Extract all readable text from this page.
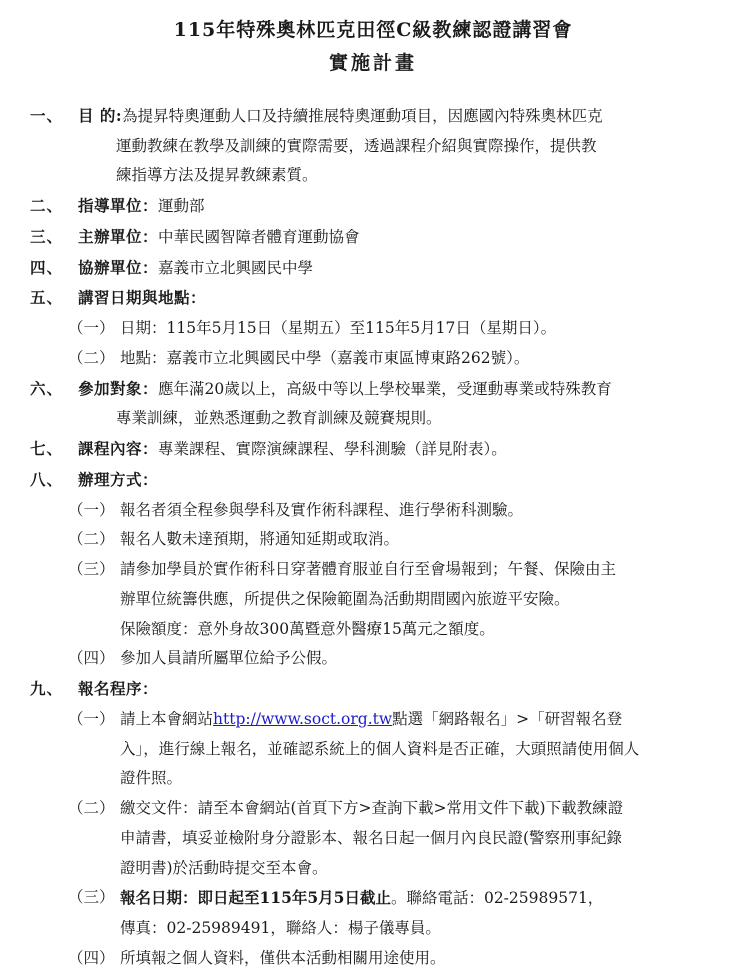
115年特殊奧林匹克田徑C級教練認證講習會
實施計畫
一、 目 的:為提昇特奧運動人口及持續推展特奧運動項目，因應國內特殊奧林匹克
運動教練在教學及訓練的實際需要，透過課程介紹與實際操作，提供教
練指導方法及提昇教練素質。
二、 指導單位：運動部
三、 主辦單位：中華民國智障者體育運動協會
四、 協辦單位：嘉義市立北興國民中學
五、 講習日期與地點：
（一） 日期：115年5月15日（星期五）至115年5月17日（星期日）。
（二） 地點：嘉義市立北興國民中學（嘉義市東區博東路262號）。
六、 參加對象：應年滿20歲以上，高級中等以上學校畢業，受運動專業或特殊教育
專業訓練，並熟悉運動之教育訓練及競賽規則。
七、 課程內容：專業課程、實際演練課程、學科測驗（詳見附表）。
八、 辦理方式：
（一） 報名者須全程參與學科及實作術科課程、進行學術科測驗。
（二） 報名人數未達預期，將通知延期或取消。
（三） 請參加學員於實作術科日穿著體育服並自行至會場報到；午餐、保險由主
辦單位統籌供應，所提供之保險範圍為活動期間國內旅遊平安險。
保險額度：意外身故300萬暨意外醫療15萬元之額度。
（四） 參加人員請所屬單位給予公假。
九、 報名程序：
（一） 請上本會網站http://www.soct.org.tw點選「網路報名」>「研習報名登
入」，進行線上報名，並確認系統上的個人資料是否正確，大頭照請使用個人
證件照。
（二） 繳交文件：請至本會網站(首頁下方>查詢下載>常用文件下載)下載教練證
申請書，填妥並檢附身分證影本、報名日起一個月內良民證(警察刑事紀錄
證明書)於活動時提交至本會。
（三） 報名日期：即日起至115年5月5日截止。聯絡電話：02-25989571，
傳真：02-25989491，聯絡人：楊子儀專員。
（四） 所填報之個人資料，僅供本活動相關用途使用。
